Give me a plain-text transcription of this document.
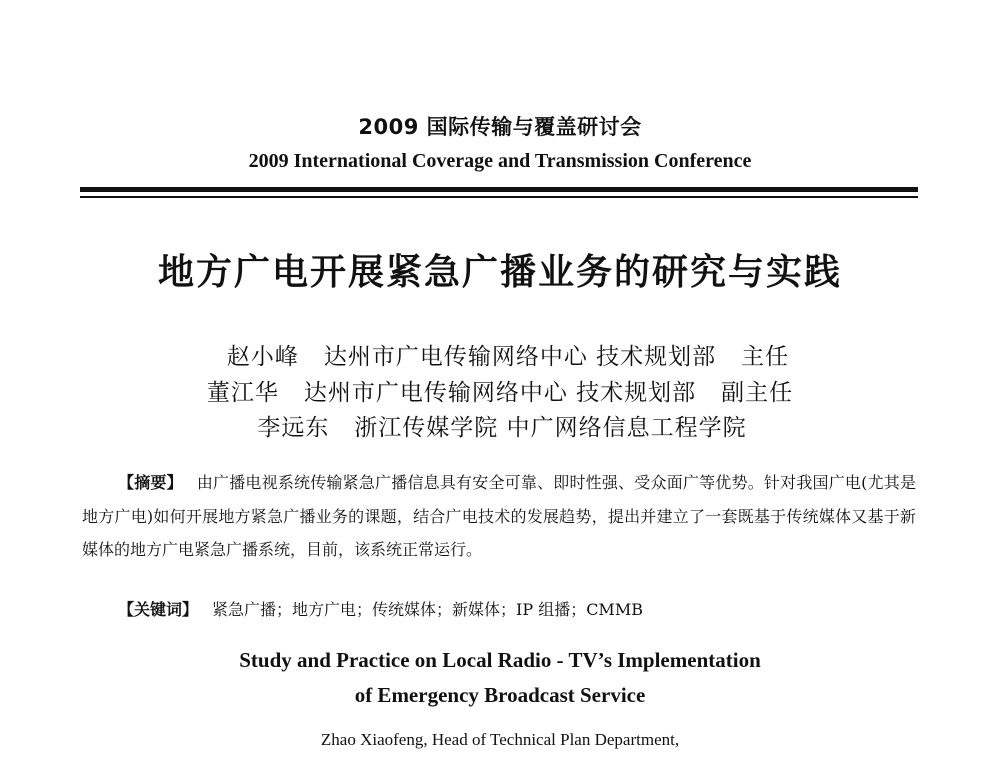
2009 国际传输与覆盖研讨会
2009 International Coverage and Transmission Conference
地方广电开展紧急广播业务的研究与实践
赵小峰   达州市广电传输网络中心 技术规划部   主任
董江华   达州市广电传输网络中心 技术规划部   副主任
李远东   浙江传媒学院 中广网络信息工程学院
【摘要】 由广播电视系统传输紧急广播信息具有安全可靠、即时性强、受众面广等优势。针对我国广电(尤其是地方广电)如何开展地方紧急广播业务的课题，结合广电技术的发展趋势，提出并建立了一套既基于传统媒体又基于新媒体的地方广电紧急广播系统，目前，该系统正常运行。
【关键词】 紧急广播；地方广电；传统媒体；新媒体；IP 组播；CMMB
Study and Practice on Local Radio - TV’s Implementation
of Emergency Broadcast Service
Zhao Xiaofeng, Head of Technical Plan Department,
